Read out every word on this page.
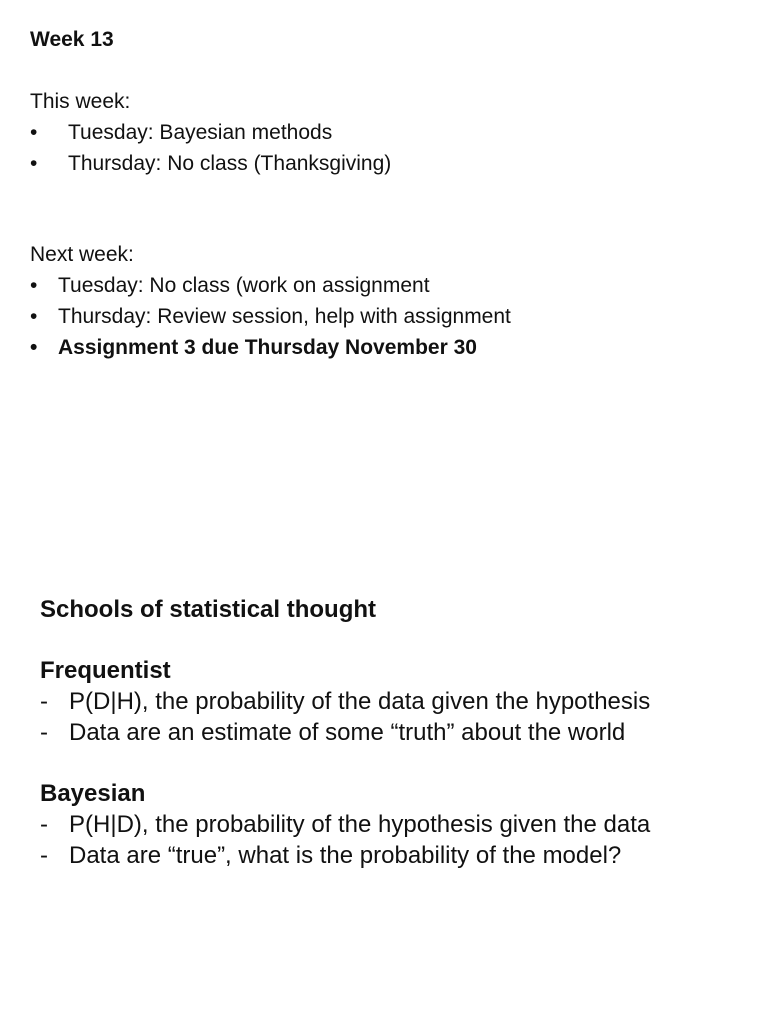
Week 13
This week:
• Tuesday: Bayesian methods
• Thursday: No class (Thanksgiving)
Next week:
• Tuesday: No class (work on assignment
• Thursday: Review session, help with assignment
• Assignment 3 due Thursday November 30
Schools of statistical thought
Frequentist
- P(D|H), the probability of the data given the hypothesis
- Data are an estimate of some “truth” about the world
Bayesian
- P(H|D), the probability of the hypothesis given the data
- Data are “true”, what is the probability of the model?
